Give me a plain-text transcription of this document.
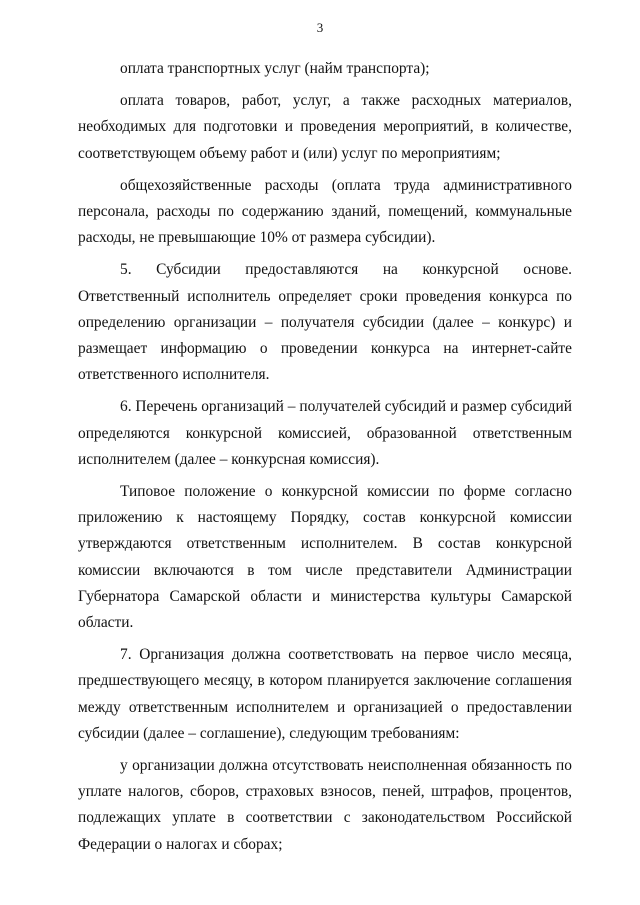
3

оплата транспортных услуг (найм транспорта);

оплата товаров, работ, услуг, а также расходных материалов, необходимых для подготовки и проведения мероприятий, в количестве, соответствующем объему работ и (или) услуг по мероприятиям;

общехозяйственные расходы (оплата труда административного персонала, расходы по содержанию зданий, помещений, коммунальные расходы, не превышающие 10% от размера субсидии).

5. Субсидии предоставляются на конкурсной основе. Ответственный исполнитель определяет сроки проведения конкурса по определению организации – получателя субсидии (далее – конкурс) и размещает информацию о проведении конкурса на интернет-сайте ответственного исполнителя.

6. Перечень организаций – получателей субсидий и размер субсидий определяются конкурсной комиссией, образованной ответственным исполнителем (далее – конкурсная комиссия).

Типовое положение о конкурсной комиссии по форме согласно приложению к настоящему Порядку, состав конкурсной комиссии утверждаются ответственным исполнителем. В состав конкурсной комиссии включаются в том числе представители Администрации Губернатора Самарской области и министерства культуры Самарской области.

7. Организация должна соответствовать на первое число месяца, предшествующего месяцу, в котором планируется заключение соглашения между ответственным исполнителем и организацией о предоставлении субсидии (далее – соглашение), следующим требованиям:

у организации должна отсутствовать неисполненная обязанность по уплате налогов, сборов, страховых взносов, пеней, штрафов, процентов, подлежащих уплате в соответствии с законодательством Российской Федерации о налогах и сборах;
